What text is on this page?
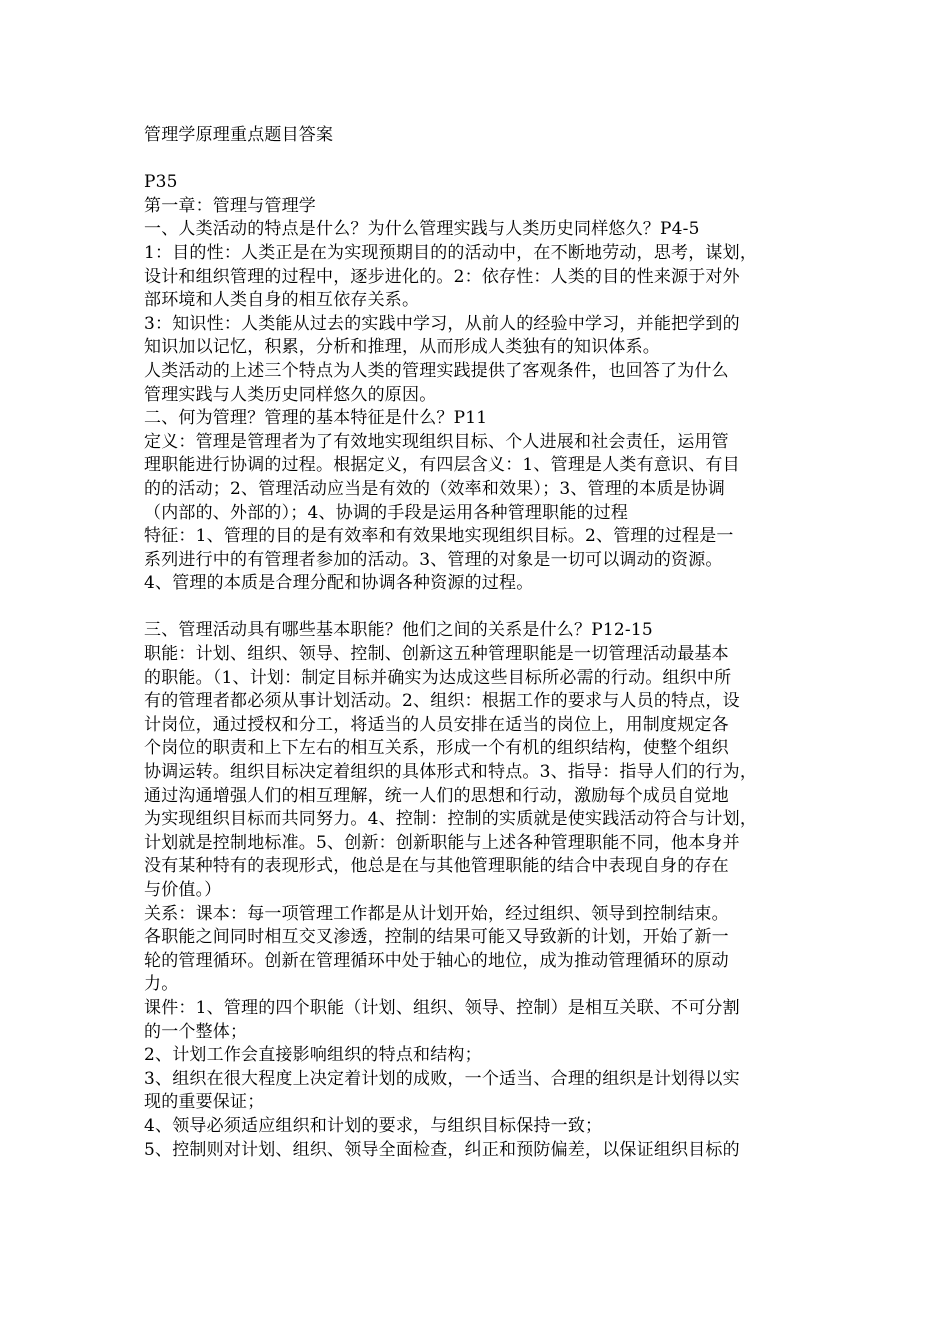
管理学原理重点题目答案
P35
第一章：管理与管理学
一、人类活动的特点是什么？为什么管理实践与人类历史同样悠久？P4-5
1：目的性：人类正是在为实现预期目的的活动中，在不断地劳动，思考，谋划，
设计和组织管理的过程中，逐步进化的。2：依存性：人类的目的性来源于对外
部环境和人类自身的相互依存关系。
3：知识性：人类能从过去的实践中学习，从前人的经验中学习，并能把学到的
知识加以记忆，积累，分析和推理，从而形成人类独有的知识体系。
人类活动的上述三个特点为人类的管理实践提供了客观条件，也回答了为什么
管理实践与人类历史同样悠久的原因。
二、何为管理？管理的基本特征是什么？P11
定义：管理是管理者为了有效地实现组织目标、个人进展和社会责任，运用管
理职能进行协调的过程。根据定义，有四层含义：1、管理是人类有意识、有目
的的活动；2、管理活动应当是有效的（效率和效果）；3、管理的本质是协调
（内部的、外部的）；4、协调的手段是运用各种管理职能的过程
特征：1、管理的目的是有效率和有效果地实现组织目标。2、管理的过程是一
系列进行中的有管理者参加的活动。3、管理的对象是一切可以调动的资源。
4、管理的本质是合理分配和协调各种资源的过程。
三、管理活动具有哪些基本职能？他们之间的关系是什么？P12-15
职能：计划、组织、领导、控制、创新这五种管理职能是一切管理活动最基本
的职能。（1、计划：制定目标并确实为达成这些目标所必需的行动。组织中所
有的管理者都必须从事计划活动。2、组织：根据工作的要求与人员的特点，设
计岗位，通过授权和分工，将适当的人员安排在适当的岗位上，用制度规定各
个岗位的职责和上下左右的相互关系，形成一个有机的组织结构，使整个组织
协调运转。组织目标决定着组织的具体形式和特点。3、指导：指导人们的行为，
通过沟通增强人们的相互理解，统一人们的思想和行动，激励每个成员自觉地
为实现组织目标而共同努力。4、控制：控制的实质就是使实践活动符合与计划，
计划就是控制地标准。5、创新：创新职能与上述各种管理职能不同，他本身并
没有某种特有的表现形式，他总是在与其他管理职能的结合中表现自身的存在
与价值。）
关系：课本：每一项管理工作都是从计划开始，经过组织、领导到控制结束。
各职能之间同时相互交叉渗透，控制的结果可能又导致新的计划，开始了新一
轮的管理循环。创新在管理循环中处于轴心的地位，成为推动管理循环的原动
力。
课件：1、管理的四个职能（计划、组织、领导、控制）是相互关联、不可分割
的一个整体；
2、计划工作会直接影响组织的特点和结构；
3、组织在很大程度上决定着计划的成败，一个适当、合理的组织是计划得以实
现的重要保证；
4、领导必须适应组织和计划的要求，与组织目标保持一致；
5、控制则对计划、组织、领导全面检查，纠正和预防偏差，以保证组织目标的
